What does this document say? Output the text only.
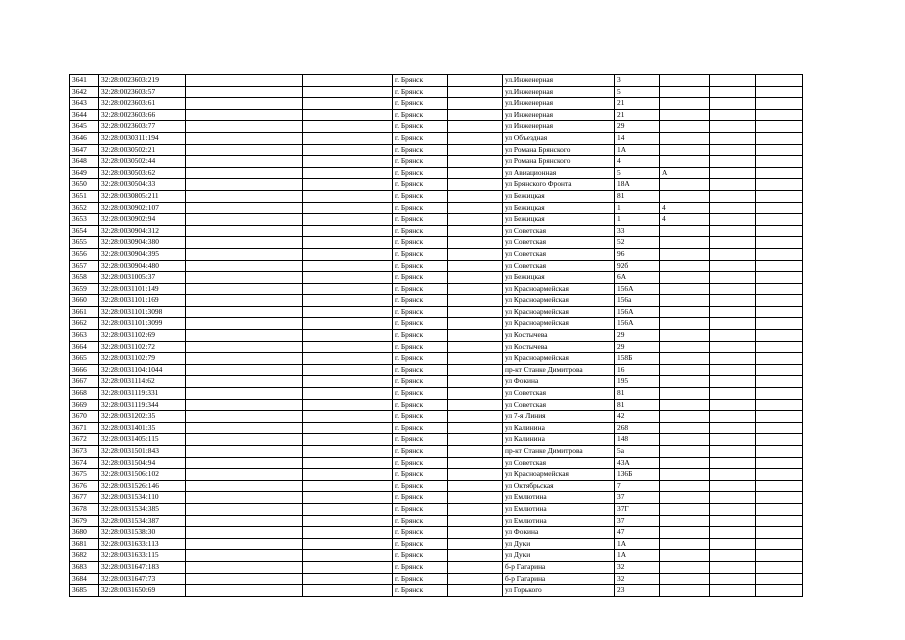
3641	32:28:0023603:219			г. Брянск		ул.Инженерная	3			
3642	32:28:0023603:57			г. Брянск		ул.Инженерная	5			
3643	32:28:0023603:61			г. Брянск		ул.Инженерная	21			
3644	32:28:0023603:66			г. Брянск		ул Инженерная	21			
3645	32:28:0023603:77			г. Брянск		ул Инженерная	29			
3646	32:28:0030311:194			г. Брянск		ул Объездная	14			
3647	32:28:0030502:21			г. Брянск		ул Романа Брянского	1А			
3648	32:28:0030502:44			г. Брянск		ул Романа Брянского	4			
3649	32:28:0030503:62			г. Брянск		ул Авиационная	5	А		
3650	32:28:0030504:33			г. Брянск		ул Брянского Фронта	18А			
3651	32:28:0030805:211			г. Брянск		ул Бежицкая	81			
3652	32:28:0030902:107			г. Брянск		ул Бежицкая	1	4		
3653	32:28:0030902:94			г. Брянск		ул Бежицкая	1	4		
3654	32:28:0030904:312			г. Брянск		ул Советская	33			
3655	32:28:0030904:380			г. Брянск		ул Советская	52			
3656	32:28:0030904:395			г. Брянск		ул Советская	96			
3657	32:28:0030904:480			г. Брянск		ул Советская	92б			
3658	32:28:0031005:37			г. Брянск		ул Бежицкая	6А			
3659	32:28:0031101:149			г. Брянск		ул Красноармейская	156А			
3660	32:28:0031101:169			г. Брянск		ул Красноармейская	156а			
3661	32:28:0031101:3098			г. Брянск		ул Красноармейская	156А			
3662	32:28:0031101:3099			г. Брянск		ул Красноармейская	156А			
3663	32:28:0031102:69			г. Брянск		ул Костычева	29			
3664	32:28:0031102:72			г. Брянск		ул Костычева	29			
3665	32:28:0031102:79			г. Брянск		ул Красноармейская	158Б			
3666	32:28:0031104:1044			г. Брянск		пр-кт Станке Димитрова	16			
3667	32:28:0031114:62			г. Брянск		ул Фокина	195			
3668	32:28:0031119:331			г. Брянск		ул Советская	81			
3669	32:28:0031119:344			г. Брянск		ул Советская	81			
3670	32:28:0031202:35			г. Брянск		ул 7-я Линия	42			
3671	32:28:0031401:35			г. Брянск		ул Калинина	268			
3672	32:28:0031405:115			г. Брянск		ул Калинина	148			
3673	32:28:0031501:843			г. Брянск		пр-кт Станке Димитрова	5а			
3674	32:28:0031504:94			г. Брянск		ул Советская	43А			
3675	32:28:0031506:102			г. Брянск		ул Красноармейская	136Б			
3676	32:28:0031526:146			г. Брянск		ул Октябрьская	7			
3677	32:28:0031534:110			г. Брянск		ул Емлютина	37			
3678	32:28:0031534:385			г. Брянск		ул Емлютина	37Г			
3679	32:28:0031534:387			г. Брянск		ул Емлютина	37			
3680	32:28:0031538:30			г. Брянск		ул Фокина	47			
3681	32:28:0031633:113			г. Брянск		ул Дуки	1А			
3682	32:28:0031633:115			г. Брянск		ул Дуки	1А			
3683	32:28:0031647:183			г. Брянск		б-р Гагарина	32			
3684	32:28:0031647:73			г. Брянск		б-р Гагарина	32			
3685	32:28:0031650:69			г. Брянск		ул Горького	23			
